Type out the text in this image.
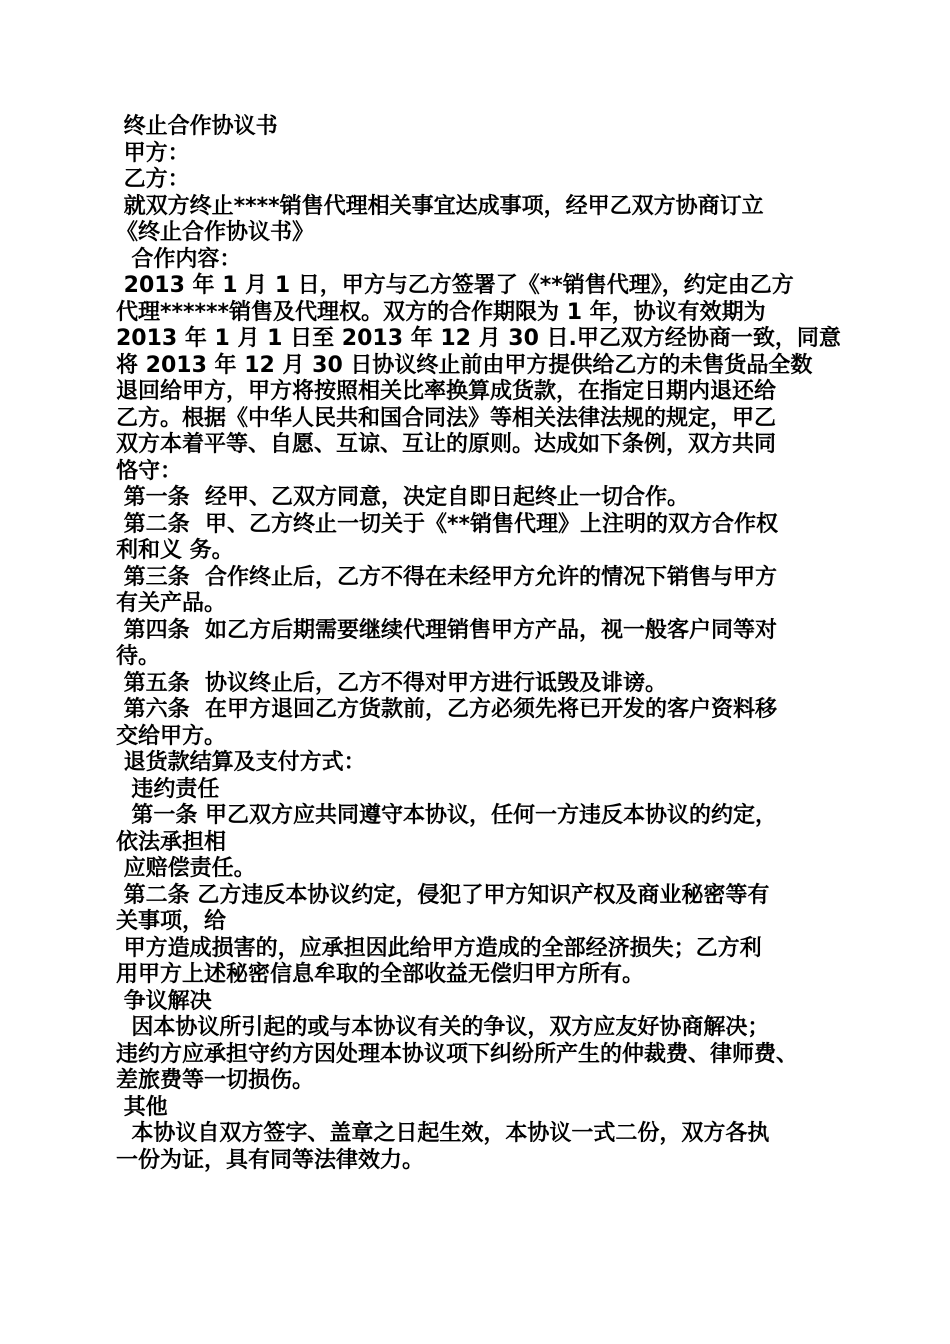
终止合作协议书
甲方：
乙方：
就双方终止****销售代理相关事宜达成事项，经甲乙双方协商订立
《终止合作协议书》
合作内容：
2013 年 1 月 1 日，甲方与乙方签署了《**销售代理》，约定由乙方
代理******销售及代理权。双方的合作期限为 1 年，协议有效期为
2013 年 1 月 1 日至 2013 年 12 月 30 日.甲乙双方经协商一致，同意
将 2013 年 12 月 30 日协议终止前由甲方提供给乙方的未售货品全数
退回给甲方，甲方将按照相关比率换算成货款，在指定日期内退还给
乙方。根据《中华人民共和国合同法》等相关法律法规的规定，甲乙
双方本着平等、自愿、互谅、互让的原则。达成如下条例，双方共同
恪守：
第一条  经甲、乙双方同意，决定自即日起终止一切合作。
第二条  甲、乙方终止一切关于《**销售代理》上注明的双方合作权
利和义 务。
第三条  合作终止后，乙方不得在未经甲方允许的情况下销售与甲方
有关产品。
第四条  如乙方后期需要继续代理销售甲方产品，视一般客户同等对
待。
第五条  协议终止后，乙方不得对甲方进行诋毁及诽谤。
第六条  在甲方退回乙方货款前，乙方必须先将已开发的客户资料移
交给甲方。
退货款结算及支付方式：
违约责任
第一条 甲乙双方应共同遵守本协议，任何一方违反本协议的约定，
依法承担相
应赔偿责任。
第二条 乙方违反本协议约定，侵犯了甲方知识产权及商业秘密等有
关事项，给
甲方造成损害的，应承担因此给甲方造成的全部经济损失；乙方利
用甲方上述秘密信息牟取的全部收益无偿归甲方所有。
争议解决
因本协议所引起的或与本协议有关的争议，双方应友好协商解决；
违约方应承担守约方因处理本协议项下纠纷所产生的仲裁费、律师费、
差旅费等一切损伤。
其他
本协议自双方签字、盖章之日起生效，本协议一式二份，双方各执
一份为证，具有同等法律效力。
